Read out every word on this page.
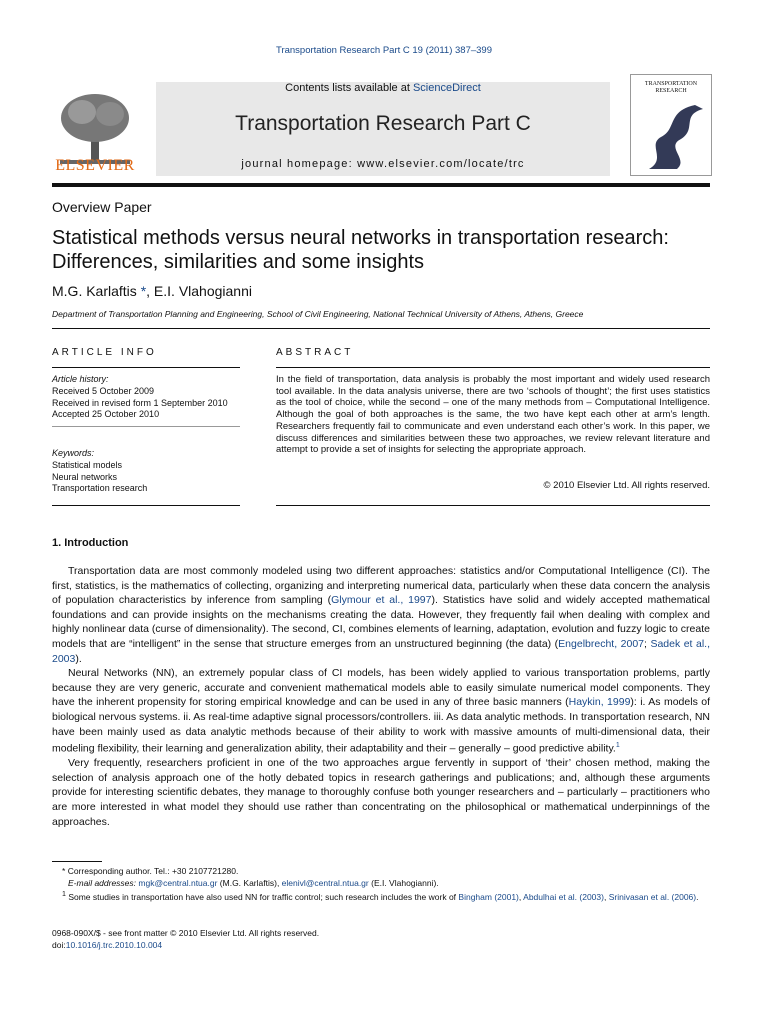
Transportation Research Part C 19 (2011) 387–399
ELSEVIER
Contents lists available at ScienceDirect
Transportation Research Part C
journal homepage: www.elsevier.com/locate/trc
TRANSPORTATION
RESEARCH
Overview Paper
Statistical methods versus neural networks in transportation research:
Differences, similarities and some insights
M.G. Karlaftis *, E.I. Vlahogianni
Department of Transportation Planning and Engineering, School of Civil Engineering, National Technical University of Athens, Athens, Greece
ARTICLE INFO
Article history:
Received 5 October 2009
Received in revised form 1 September 2010
Accepted 25 October 2010
Keywords:
Statistical models
Neural networks
Transportation research
ABSTRACT
In the field of transportation, data analysis is probably the most important and widely used research tool available. In the data analysis universe, there are two ‘schools of thought’; the first uses statistics as the tool of choice, while the second – one of the many methods from – Computational Intelligence. Although the goal of both approaches is the same, the two have kept each other at arm’s length. Researchers frequently fail to communicate and even understand each other’s work. In this paper, we discuss differences and similarities between these two approaches, we review relevant literature and attempt to provide a set of insights for selecting the appropriate approach.
© 2010 Elsevier Ltd. All rights reserved.
1. Introduction

Transportation data are most commonly modeled using two different approaches: statistics and/or Computational Intelligence (CI). The first, statistics, is the mathematics of collecting, organizing and interpreting numerical data, particularly when these data concern the analysis of population characteristics by inference from sampling (Glymour et al., 1997). Statistics have solid and widely accepted mathematical foundations and can provide insights on the mechanisms creating the data. However, they frequently fail when dealing with complex and highly nonlinear data (curse of dimensionality). The second, CI, combines elements of learning, adaptation, evolution and fuzzy logic to create models that are “intelligent” in the sense that structure emerges from an unstructured beginning (the data) (Engelbrecht, 2007; Sadek et al., 2003).

Neural Networks (NN), an extremely popular class of CI models, has been widely applied to various transportation problems, partly because they are very generic, accurate and convenient mathematical models able to easily simulate numerical model components. They have the inherent propensity for storing empirical knowledge and can be used in any of three basic manners (Haykin, 1999): i. As models of biological nervous systems. ii. As real-time adaptive signal processors/controllers. iii. As data analytic methods. In transportation research, NN have been mainly used as data analytic methods because of their ability to work with massive amounts of multi-dimensional data, their modeling flexibility, their learning and generalization ability, their adaptability and their – generally – good predictive ability.$^1$

Very frequently, researchers proficient in one of the two approaches argue fervently in support of ‘their’ chosen method, making the selection of analysis approach one of the hotly debated topics in research gatherings and publications; and, although these arguments provide for interesting scientific debates, they manage to thoroughly confuse both younger researchers and – particularly – practitioners who are more interested in what model they should use rather than concentrating on the philosophical or mathematical underpinnings of the approaches.

* Corresponding author. Tel.: +30 2107721280.
E-mail addresses: mgk@central.ntua.gr (M.G. Karlaftis), elenivl@central.ntua.gr (E.I. Vlahogianni).
$^1$ Some studies in transportation have also used NN for traffic control; such research includes the work of Bingham (2001), Abdulhai et al. (2003), Srinivasan et al. (2006).
0968-090X/$ - see front matter © 2010 Elsevier Ltd. All rights reserved.
doi:10.1016/j.trc.2010.10.004
